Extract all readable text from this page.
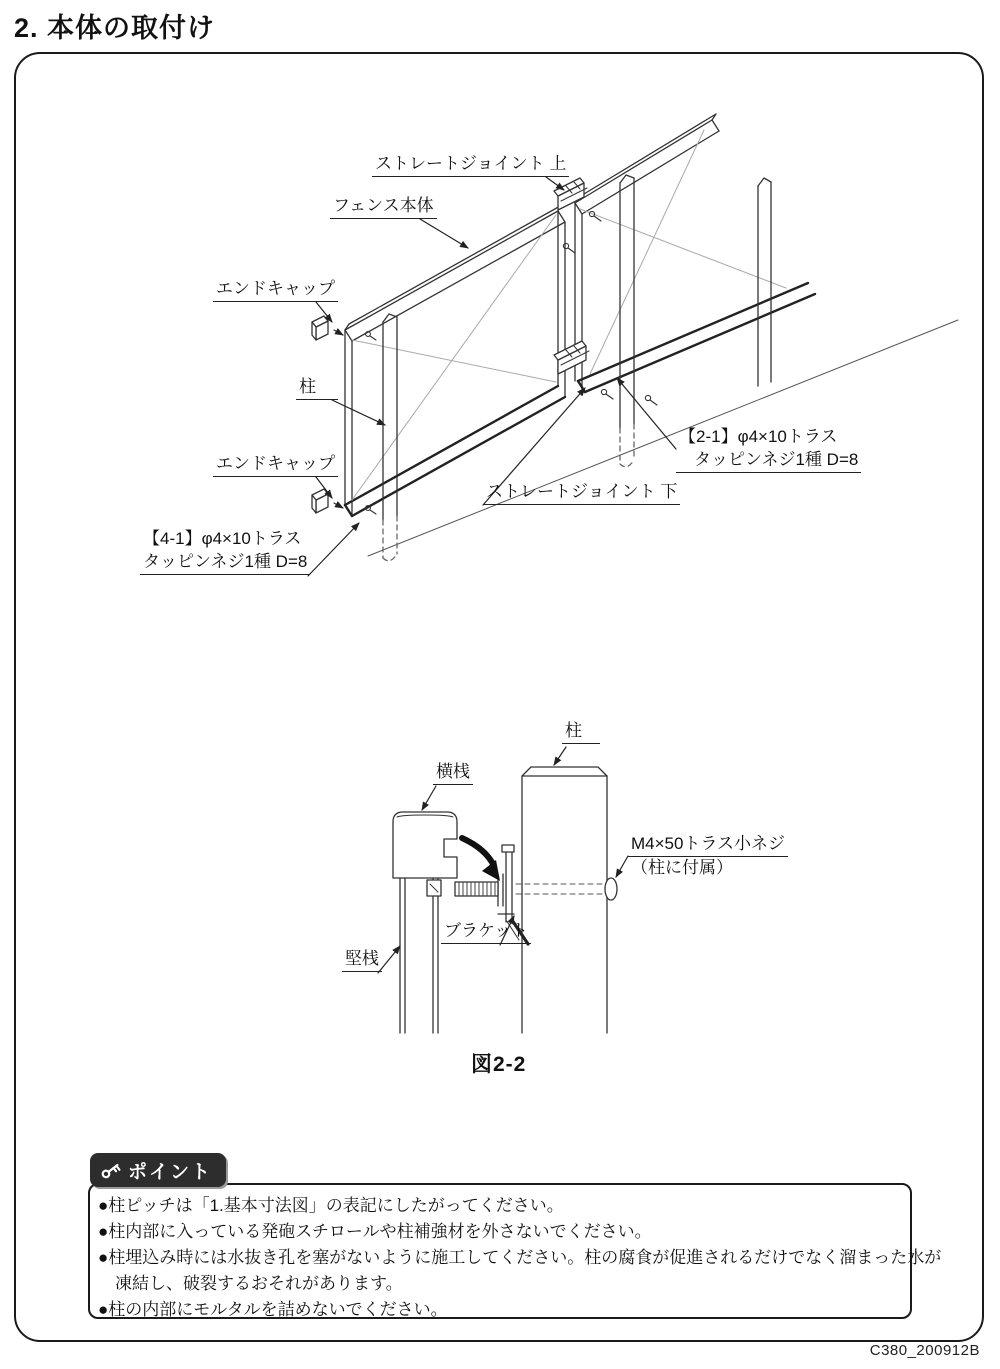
2. 本体の取付け
ストレートジョイント 上
フェンス本体
エンドキャップ
柱
エンドキャップ
【4-1】φ4×10トラス
タッピンネジ1種 D=8
ストレートジョイント 下
【2-1】φ4×10トラス
タッピンネジ1種 D=8
柱
横桟
M4×50トラス小ネジ
（柱に付属）
ブラケット
堅桟
図2-2
ポイント
●柱ピッチは「1.基本寸法図」の表記にしたがってください。
●柱内部に入っている発砲スチロールや柱補強材を外さないでください。
●柱埋込み時には水抜き孔を塞がないように施工してください。柱の腐食が促進されるだけでなく溜まった水が
凍結し、破裂するおそれがあります。
●柱の内部にモルタルを詰めないでください。
C380_200912B
